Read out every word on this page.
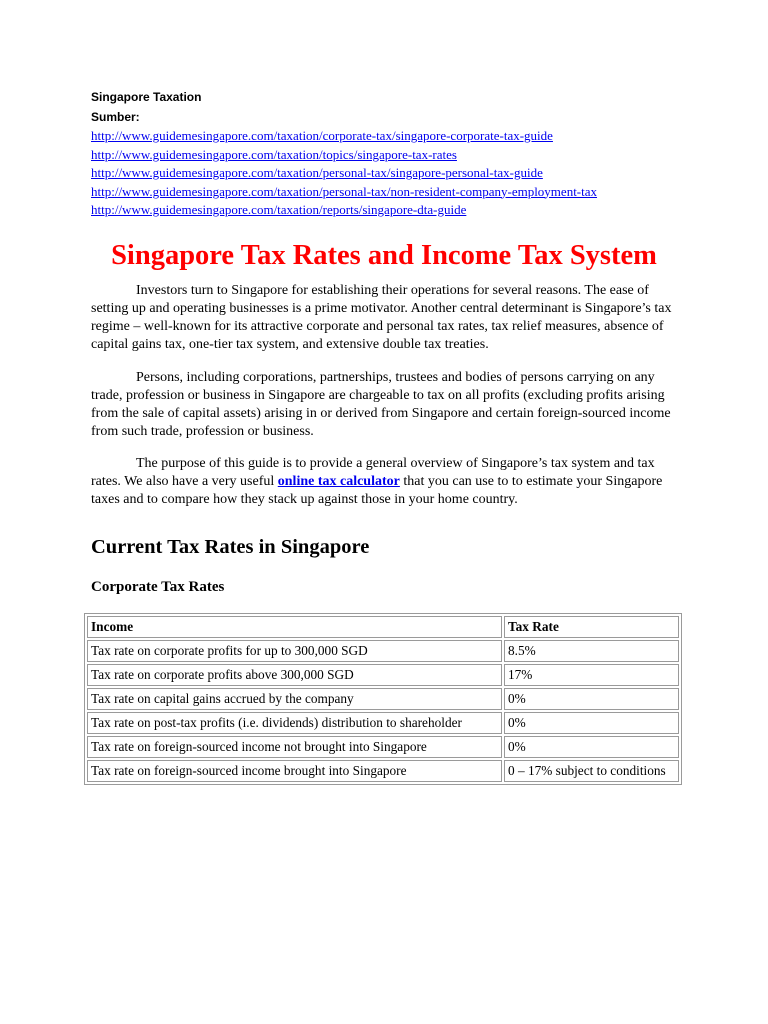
Singapore Taxation
Sumber:
http://www.guidemesingapore.com/taxation/corporate-tax/singapore-corporate-tax-guide
http://www.guidemesingapore.com/taxation/topics/singapore-tax-rates
http://www.guidemesingapore.com/taxation/personal-tax/singapore-personal-tax-guide
http://www.guidemesingapore.com/taxation/personal-tax/non-resident-company-employment-tax
http://www.guidemesingapore.com/taxation/reports/singapore-dta-guide
Singapore Tax Rates and Income Tax System

Investors turn to Singapore for establishing their operations for several reasons. The ease of setting up and operating businesses is a prime motivator. Another central determinant is Singapore’s tax regime – well-known for its attractive corporate and personal tax rates, tax relief measures, absence of capital gains tax, one-tier tax system, and extensive double tax treaties.

Persons, including corporations, partnerships, trustees and bodies of persons carrying on any trade, profession or business in Singapore are chargeable to tax on all profits (excluding profits arising from the sale of capital assets) arising in or derived from Singapore and certain foreign-sourced income from such trade, profession or business.

The purpose of this guide is to provide a general overview of Singapore’s tax system and tax rates. We also have a very useful online tax calculator that you can use to to estimate your Singapore taxes and to compare how they stack up against those in your home country.

Current Tax Rates in Singapore
Corporate Tax Rates
Income	Tax Rate
Tax rate on corporate profits for up to 300,000 SGD	8.5%
Tax rate on corporate profits above 300,000 SGD	17%
Tax rate on capital gains accrued by the company	0%
Tax rate on post-tax profits (i.e. dividends) distribution to shareholder	0%
Tax rate on foreign-sourced income not brought into Singapore	0%
Tax rate on foreign-sourced income brought into Singapore	0 – 17% subject to conditions
